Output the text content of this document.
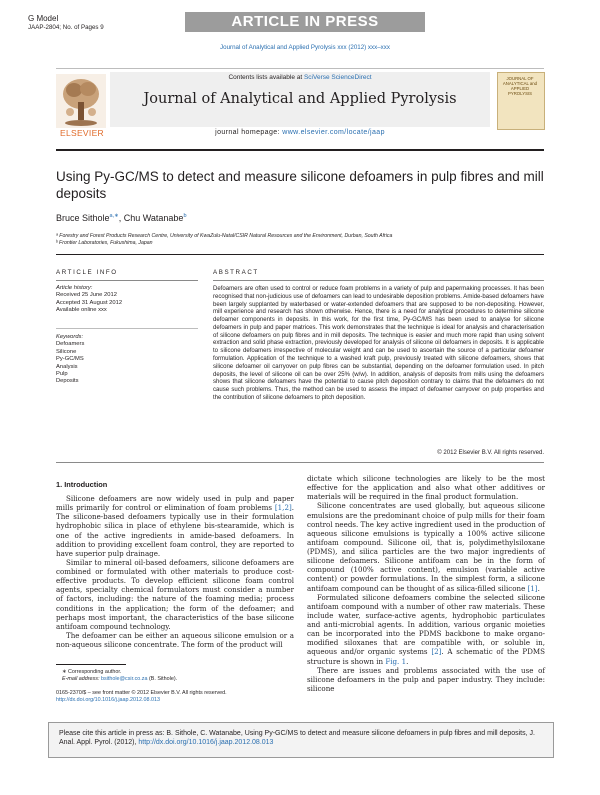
G Model
JAAP-2804; No. of Pages 9	ARTICLE IN PRESS
Journal of Analytical and Applied Pyrolysis xxx (2012) xxx–xxx
ELSEVIER
Contents lists available at SciVerse ScienceDirect
Journal of Analytical and Applied Pyrolysis
journal homepage: www.elsevier.com/locate/jaap
JOURNAL OF ANALYTICAL and APPLIED PYROLYSIS
Using Py-GC/MS to detect and measure silicone defoamers in pulp fibres and mill deposits
Bruce Sithole$^{a,∗}$, Chu Watanabe$^b$
ᵃ Forestry and Forest Products Research Centre, University of KwaZulu-Natal/CSIR Natural Resources and the Environment, Durban, South Africa
ᵇ Frontier Laboratories, Fukushima, Japan
ARTICLE INFO
Article history:
Received 25 June 2012
Accepted 31 August 2012
Available online xxx
Keywords:
Defoamers
Silicone
Py-GC/MS
Analysis
Pulp
Deposits
ABSTRACT

Defoamers are often used to control or reduce foam problems in a variety of pulp and papermaking processes. It has been recognised that non-judicious use of defoamers can lead to undesirable deposition problems. Amide-based defoamers have been largely supplanted by waterbased or water-extended defoamers that are supposed to be non-depositing. However, mill experience and research has shown otherwise. Hence, there is a need for analytical procedures to determine silicone defoamer components in deposits. In this work, for the first time, Py-GC/MS has been used to analyse for silicone defoamers in pulp and paper matrices. This work demonstrates that the technique is ideal for analysis and characterisation of silicone defoamers on pulp fibres and in mill deposits. The technique is easier and much more rapid than using solvent extraction and solid phase extraction, previously developed for analysis of silicone oil defoamers in deposits. It is applicable to silicone defoamers irrespective of molecular weight and can be used to ascertain the source of a particular defoamer formulation. Application of the technique to a washed kraft pulp, previously treated with silicone defoamers, shows that silicone defoamer oil carryover on pulp fibres can be substantial, depending on the defoamer formulation used. In pitch deposits, the level of silicone oil can be over 25% (w/w). In addition, analysis of deposits from mills using the defoamers shows that silicone defoamers have the potential to cause pitch deposition contrary to claims that the defoamers do not cause such problems. Thus, the method can be used to assess the impact of defoamer carryover on pulp properties and the contribution of silicone defoamers to pitch deposition.

© 2012 Elsevier B.V. All rights reserved.
1. Introduction

Silicone defoamers are now widely used in pulp and paper mills primarily for control or elimination of foam problems [1,2]. The silicone-based defoamers typically use in their formulation hydrophobic silica in place of ethylene bis-stearamide, which is one of the active ingredients in amide-based defoamers. In addition to providing excellent foam control, they are reported to have superior pulp drainage.

Similar to mineral oil-based defoamers, silicone defoamers are combined or formulated with other materials to produce cost-effective products. To develop efficient silicone foam control agents, specialty chemical formulators must consider a number of factors, including: the nature of the foaming media; process conditions in the application; the form of the defoamer; and perhaps most important, the characteristics of the base silicone antifoam compound technology.

The defoamer can be either an aqueous silicone emulsion or a non-aqueous silicone concentrate. The form of the product will

dictate which silicone technologies are likely to be the most effective for the application and also what other additives or materials will be required in the final product formulation.

Silicone concentrates are used globally, but aqueous silicone emulsions are the predominant choice of pulp mills for their foam control needs. The key active ingredient used in the production of aqueous silicone emulsions is typically a 100% active silicone antifoam compound. Silicone oil, that is, polydimethylsiloxane (PDMS), and silica particles are the two major ingredients of silicone defoamers. Silicone antifoam can be in the form of compound (100% active content), emulsion (variable active content) or powder formulations. In the simplest form, a silicone antifoam compound can be thought of as silica-filled silicone [1].

Formulated silicone defoamers combine the selected silicone antifoam compound with a number of other raw materials. These include water, surface-active agents, hydrophobic particulates and anti-microbial agents. In addition, various organic moieties can be incorporated into the PDMS backbone to make organo-modified siloxanes that are compatible with, or soluble in, aqueous and/or organic systems [2]. A schematic of the PDMS structure is shown in Fig. 1.

There are issues and problems associated with the use of silicone defoamers in the pulp and paper industry. They include: silicone

∗ Corresponding author.
E-mail address: bsithole@csir.co.za (B. Sithole).
0165-2370/$ – see front matter © 2012 Elsevier B.V. All rights reserved.
http://dx.doi.org/10.1016/j.jaap.2012.08.013
Please cite this article in press as: B. Sithole, C. Watanabe, Using Py-GC/MS to detect and measure silicone defoamers in pulp fibres and mill deposits, J. Anal. Appl. Pyrol. (2012), http://dx.doi.org/10.1016/j.jaap.2012.08.013
